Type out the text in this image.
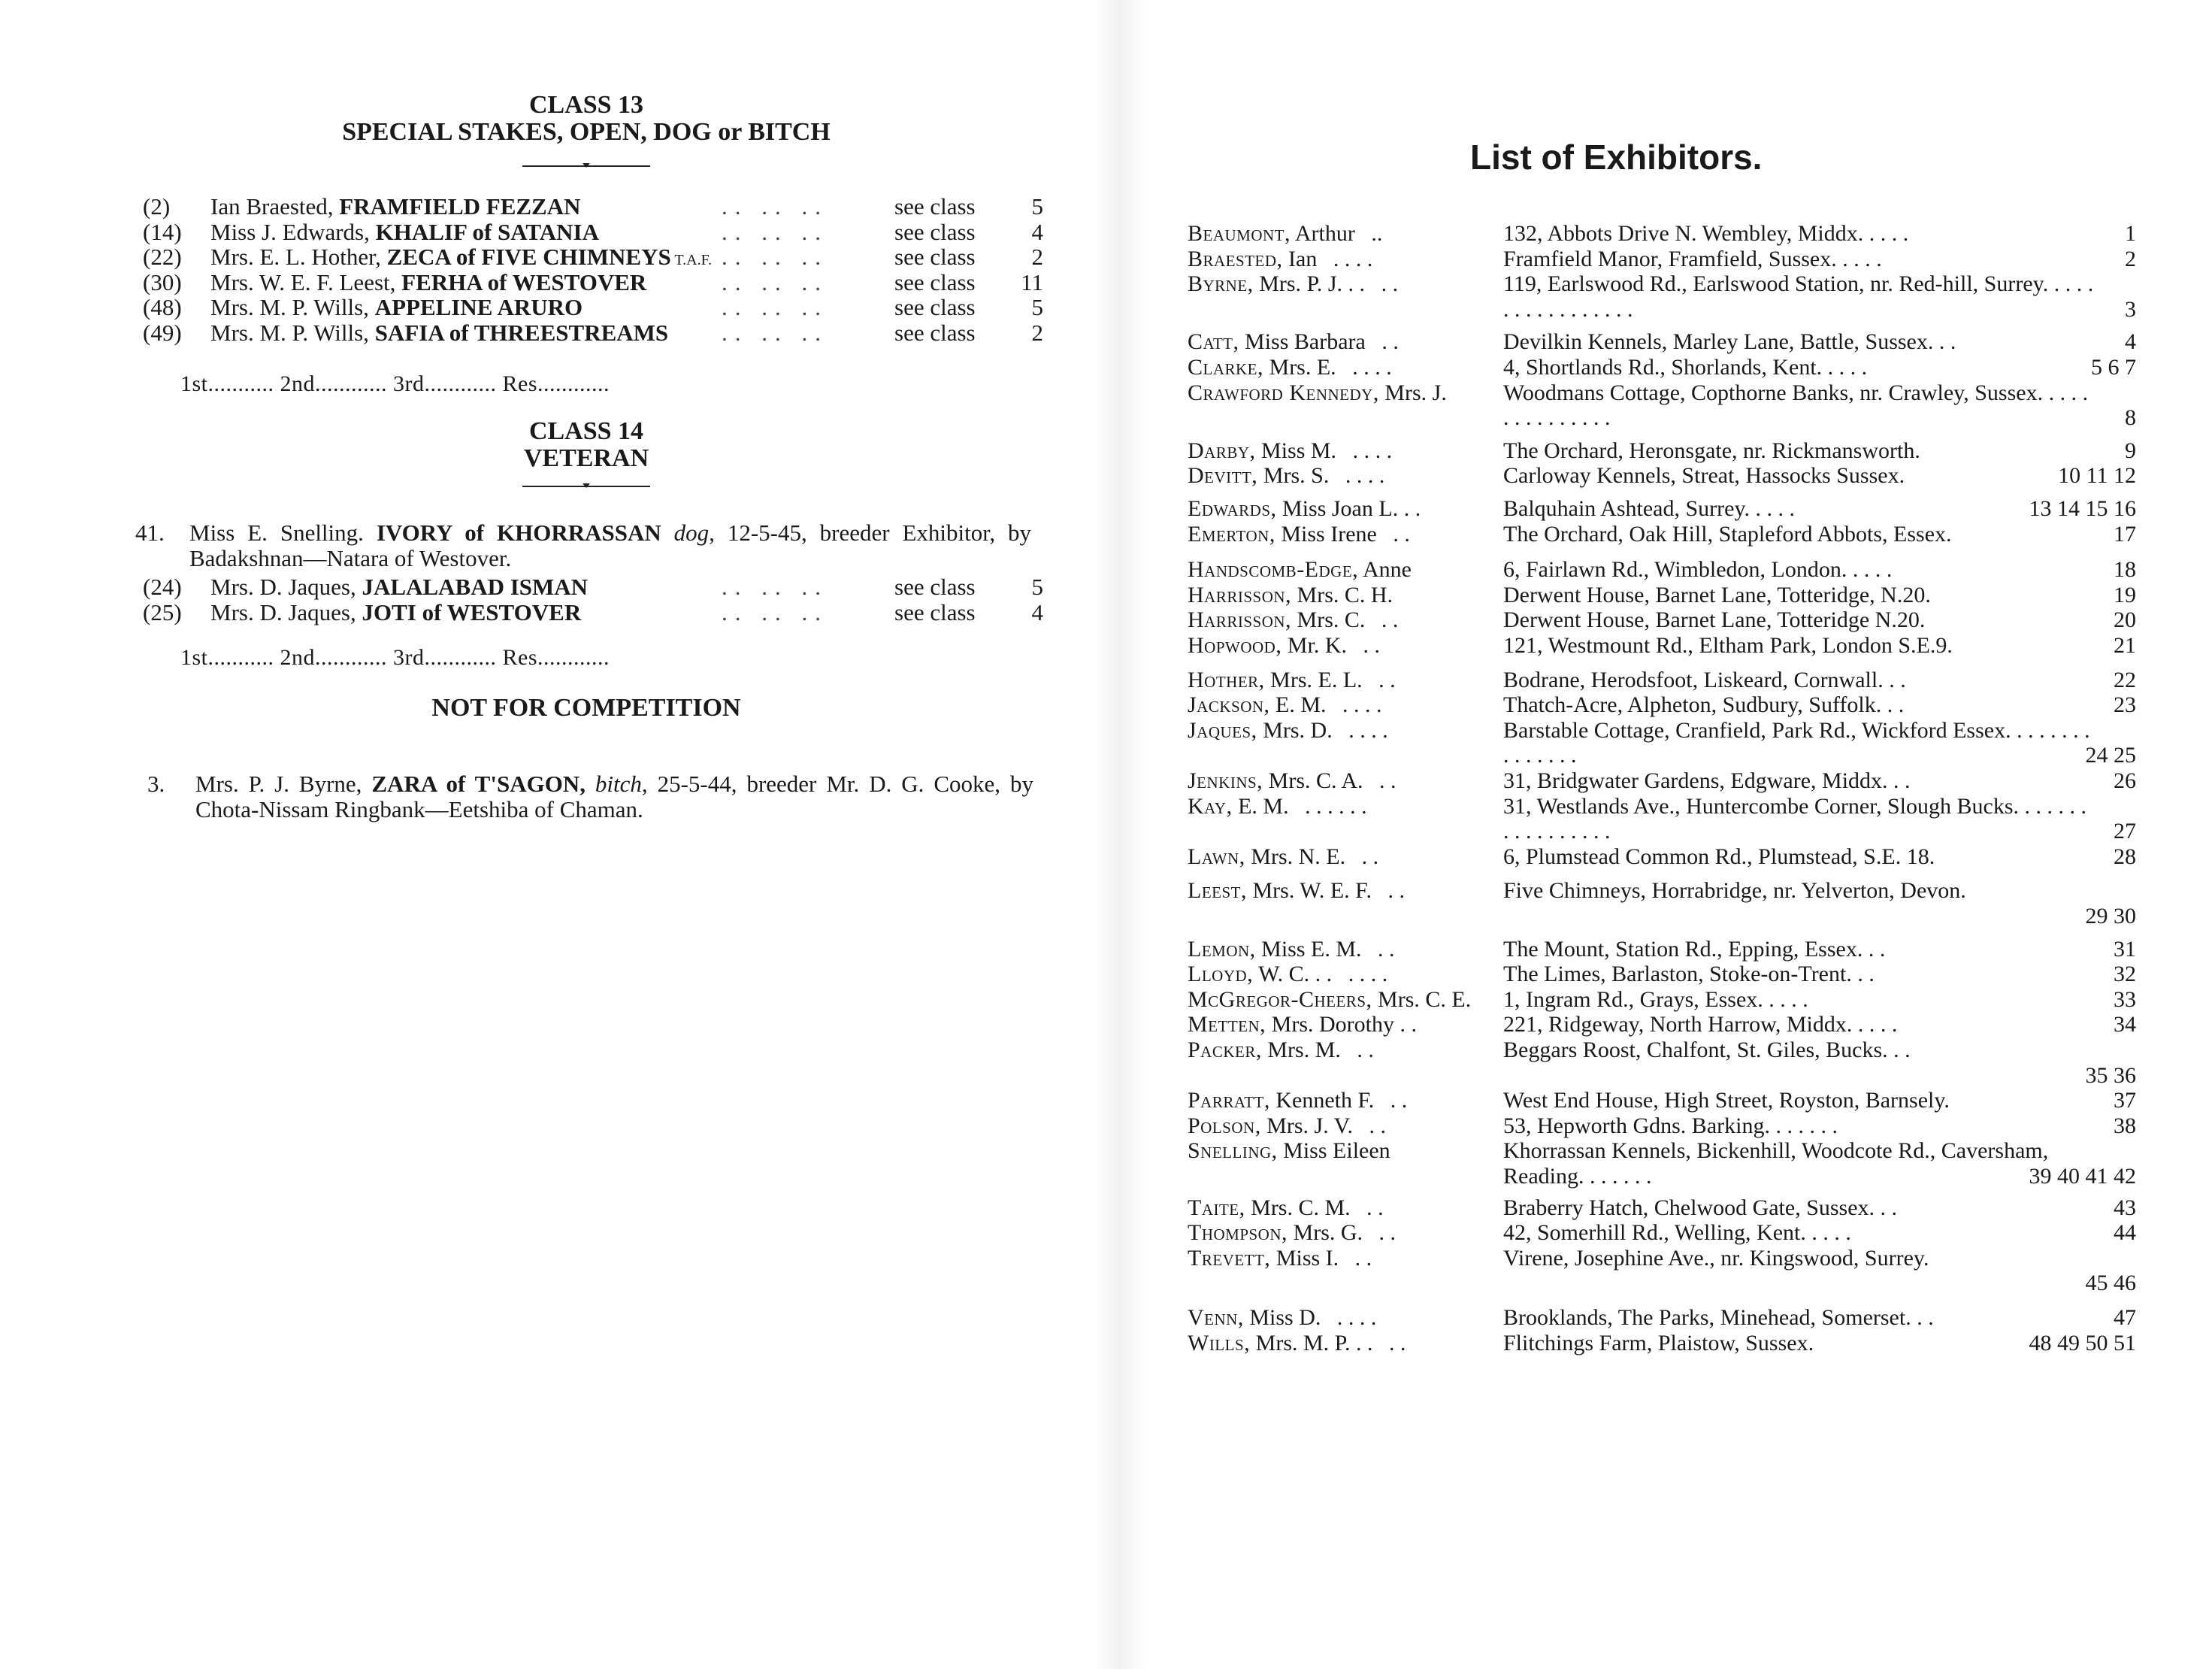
CLASS 13
SPECIAL STAKES, OPEN, DOG or BITCH
(2)	Ian Braested, FRAMFIELD FEZZAN	.. .. ..	see class	5
(14)	Miss J. Edwards, KHALIF of SATANIA	.. .. ..	see class	4
(22)	Mrs. E. L. Hother, ZECA of FIVE CHIMNEYS T.A.F. .. .. ..	see class	2
(30)	Mrs. W. E. F. Leest, FERHA of WESTOVER	.. .. ..	see class	11
(48)	Mrs. M. P. Wills, APPELINE ARURO	.. .. ..	see class	5
(49)	Mrs. M. P. Wills, SAFIA of THREESTREAMS .. .. ..	see class	2
1st........... 2nd............ 3rd............ Res............
CLASS 14
VETERAN
41. Miss E. Snelling. IVORY of KHORRASSAN dog, 12-5-45, breeder Exhibitor, by Badakshnan—Natara of Westover.
(24)	Mrs. D. Jaques, JALALABAD ISMAN	.. .. ..	see class	5
(25)	Mrs. D. Jaques, JOTI of WESTOVER	.. .. ..	see class	4
1st........... 2nd............ 3rd............ Res............
NOT FOR COMPETITION
3. Mrs. P. J. Byrne, ZARA of T'SAGON, bitch, 25-5-44, breeder Mr. D. G. Cooke, by Chota-Nissam Ringbank—Eetshiba of Chaman.
List of Exhibitors.
Beaumont, Arthur ..	132, Abbots Drive N. Wembley, Middx. . . . .	1
Braested, Ian . . . .	Framfield Manor, Framfield, Sussex. . . . .	2
Byrne, Mrs. P. J. . . . .	119, Earlswood Rd., Earlswood Station, nr. Red-hill, Surrey. . . . . . . . . . . . . . . . .	3
Catt, Miss Barbara . .	Devilkin Kennels, Marley Lane, Battle, Sussex. . .	4
Clarke, Mrs. E. . . . .	4, Shortlands Rd., Shorlands, Kent. . . . .	5 6 7
Crawford Kennedy, Mrs. J.	Woodmans Cottage, Copthorne Banks, nr. Crawley, Sussex. . . . . . . . . . . . . . .	8
Darby, Miss M. . . . .	The Orchard, Heronsgate, nr. Rickmansworth.	9
Devitt, Mrs. S. . . . .	Carloway Kennels, Streat, Hassocks Sussex.	10 11 12
Edwards, Miss Joan L. . .	Balquhain Ashtead, Surrey. . . . .	13 14 15 16
Emerton, Miss Irene . .	The Orchard, Oak Hill, Stapleford Abbots, Essex.	17
Handscomb-Edge, Anne	6, Fairlawn Rd., Wimbledon, London. . . . .	18
Harrisson, Mrs. C. H.	Derwent House, Barnet Lane, Totteridge, N.20.	19
Harrisson, Mrs. C. . .	Derwent House, Barnet Lane, Totteridge N.20.	20
Hopwood, Mr. K. . .	121, Westmount Rd., Eltham Park, London S.E.9.	21
Hother, Mrs. E. L. . .	Bodrane, Herodsfoot, Liskeard, Cornwall. . .	22
Jackson, E. M. . . . .	Thatch-Acre, Alpheton, Sudbury, Suffolk. . .	23
Jaques, Mrs. D. . . . .	Barstable Cottage, Cranfield, Park Rd., Wickford Essex. . . . . . . . . . . . . . .	24 25
Jenkins, Mrs. C. A. . .	31, Bridgwater Gardens, Edgware, Middx. . .	26
Kay, E. M. . . . . . .	31, Westlands Ave., Huntercombe Corner, Slough Bucks. . . . . . . . . . . . . . . . .	27
Lawn, Mrs. N. E. . .	6, Plumstead Common Rd., Plumstead, S.E. 18.	28
Leest, Mrs. W. E. F. . .	Five Chimneys, Horrabridge, nr. Yelverton, Devon.
29 30
Lemon, Miss E. M. . .	The Mount, Station Rd., Epping, Essex. . .	31
Lloyd, W. C. . . . . . .	The Limes, Barlaston, Stoke-on-Trent. . .	32
McGregor-Cheers, Mrs. C. E. 1, Ingram Rd., Grays, Essex. . . . .	33
Metten, Mrs. Dorothy . .	221, Ridgeway, North Harrow, Middx. . . . .	34
Packer, Mrs. M. . .	Beggars Roost, Chalfont, St. Giles, Bucks. . .
35 36
Parratt, Kenneth F. . .	West End House, High Street, Royston, Barnsely.	37
Polson, Mrs. J. V. . .	53, Hepworth Gdns. Barking. . . . . . .	38
Snelling, Miss Eileen	Khorrassan Kennels, Bickenhill, Woodcote Rd., Caversham, Reading. . . . . . .	39 40 41 42
Taite, Mrs. C. M. . .	Braberry Hatch, Chelwood Gate, Sussex. . .	43
Thompson, Mrs. G. . .	42, Somerhill Rd., Welling, Kent. . . . .	44
Trevett, Miss I. . .	Virene, Josephine Ave., nr. Kingswood, Surrey.
45 46
Venn, Miss D. . . . .	Brooklands, The Parks, Minehead, Somerset. . .	47
Wills, Mrs. M. P. . . . .	Flitchings Farm, Plaistow, Sussex.	48 49 50 51
